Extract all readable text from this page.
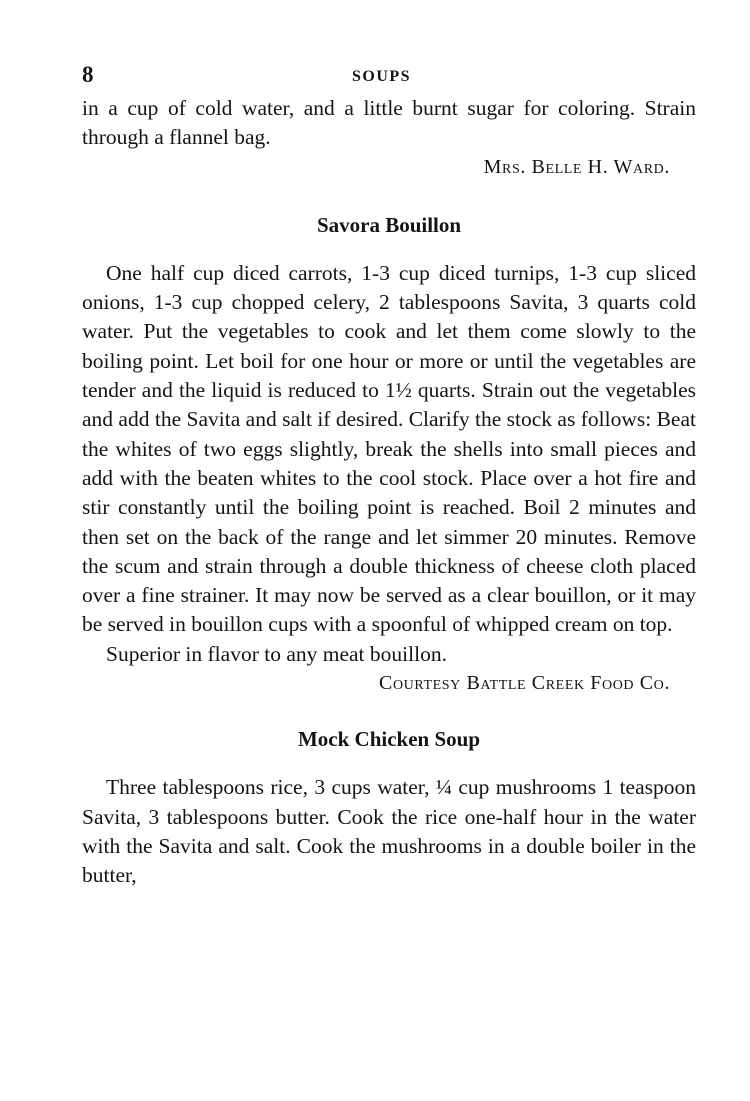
8	SOUPS

in a cup of cold water, and a little burnt sugar for coloring. Strain through a flannel bag.

Mrs. Belle H. Ward.

Savora Bouillon

One half cup diced carrots, 1-3 cup diced turnips, 1-3 cup sliced onions, 1-3 cup chopped celery, 2 tablespoons Savita, 3 quarts cold water. Put the vegetables to cook and let them come slowly to the boiling point. Let boil for one hour or more or until the vegetables are tender and the liquid is reduced to 1½ quarts. Strain out the vegetables and add the Savita and salt if desired. Clarify the stock as follows: Beat the whites of two eggs slightly, break the shells into small pieces and add with the beaten whites to the cool stock. Place over a hot fire and stir constantly until the boiling point is reached. Boil 2 minutes and then set on the back of the range and let simmer 20 minutes. Remove the scum and strain through a double thickness of cheese cloth placed over a fine strainer. It may now be served as a clear bouillon, or it may be served in bouillon cups with a spoonful of whipped cream on top.

Superior in flavor to any meat bouillon.

Courtesy Battle Creek Food Co.

Mock Chicken Soup

Three tablespoons rice, 3 cups water, ¼ cup mushrooms 1 teaspoon Savita, 3 tablespoons butter. Cook the rice one-half hour in the water with the Savita and salt. Cook the mushrooms in a double boiler in the butter,
